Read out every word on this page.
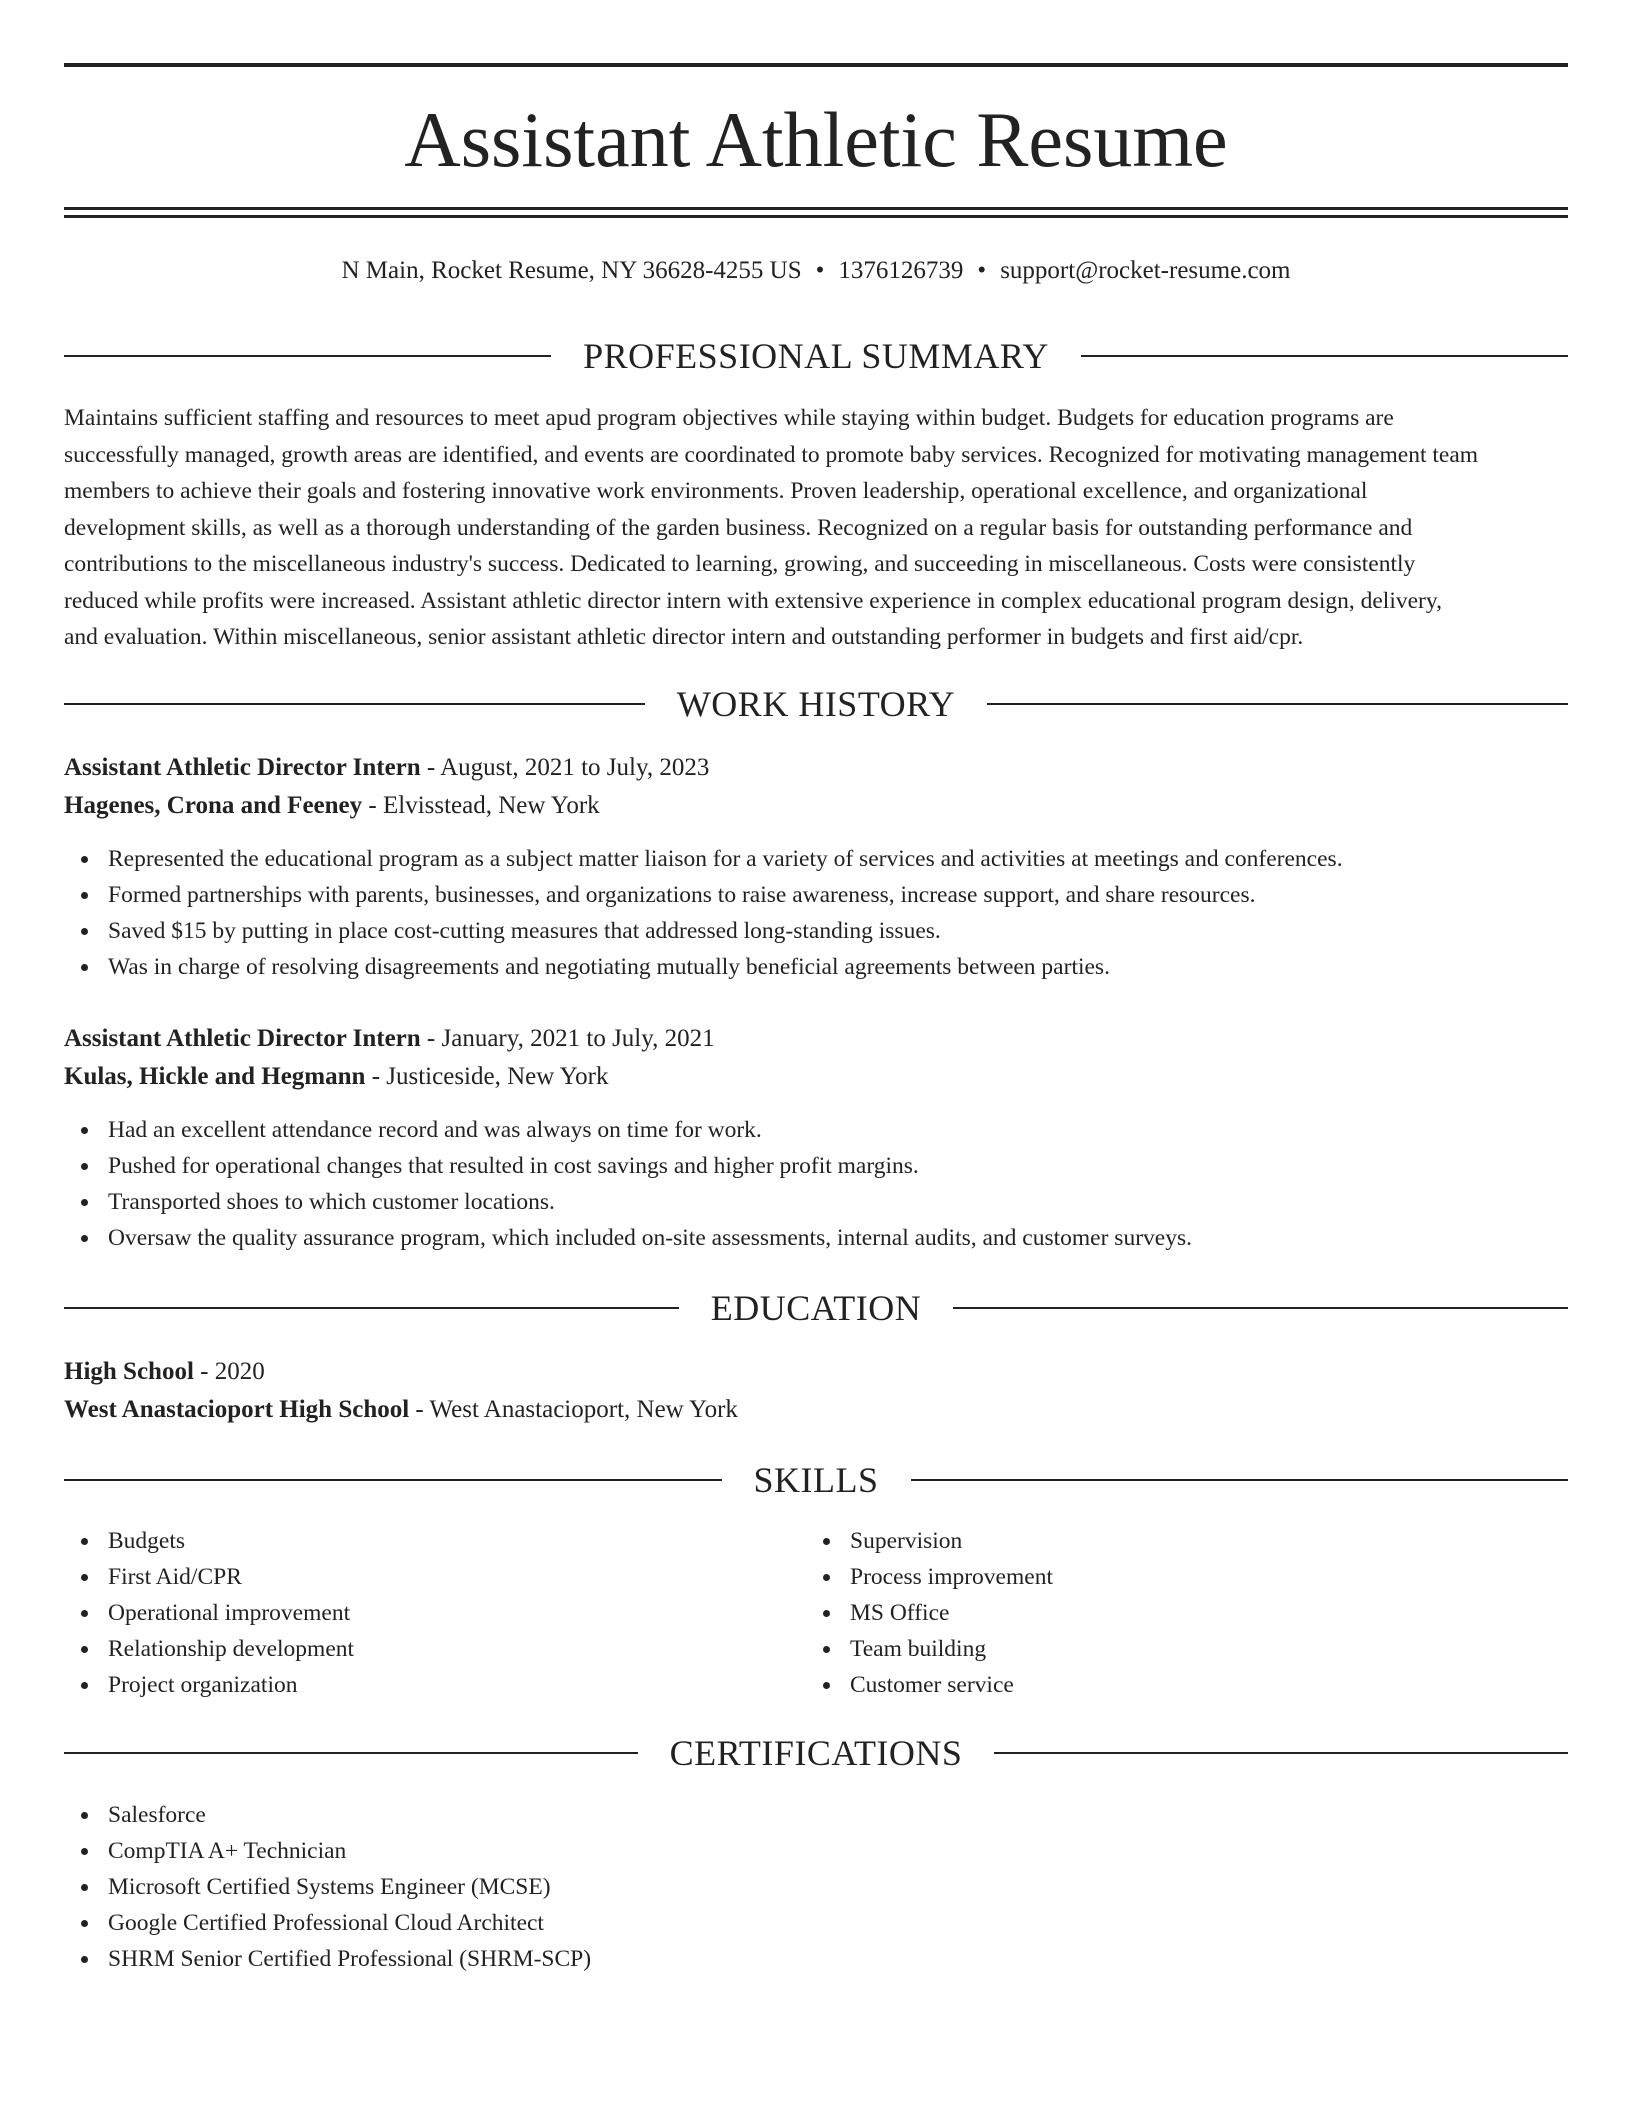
Assistant Athletic Resume
N Main, Rocket Resume, NY 36628-4255 US • 1376126739 • support@rocket-resume.com
PROFESSIONAL SUMMARY
Maintains sufficient staffing and resources to meet apud program objectives while staying within budget. Budgets for education programs are
successfully managed, growth areas are identified, and events are coordinated to promote baby services. Recognized for motivating management team
members to achieve their goals and fostering innovative work environments. Proven leadership, operational excellence, and organizational
development skills, as well as a thorough understanding of the garden business. Recognized on a regular basis for outstanding performance and
contributions to the miscellaneous industry's success. Dedicated to learning, growing, and succeeding in miscellaneous. Costs were consistently
reduced while profits were increased. Assistant athletic director intern with extensive experience in complex educational program design, delivery,
and evaluation. Within miscellaneous, senior assistant athletic director intern and outstanding performer in budgets and first aid/cpr.
WORK HISTORY
Assistant Athletic Director Intern - August, 2021 to July, 2023
Hagenes, Crona and Feeney - Elvisstead, New York
Represented the educational program as a subject matter liaison for a variety of services and activities at meetings and conferences.
Formed partnerships with parents, businesses, and organizations to raise awareness, increase support, and share resources.
Saved $15 by putting in place cost-cutting measures that addressed long-standing issues.
Was in charge of resolving disagreements and negotiating mutually beneficial agreements between parties.
Assistant Athletic Director Intern - January, 2021 to July, 2021
Kulas, Hickle and Hegmann - Justiceside, New York
Had an excellent attendance record and was always on time for work.
Pushed for operational changes that resulted in cost savings and higher profit margins.
Transported shoes to which customer locations.
Oversaw the quality assurance program, which included on-site assessments, internal audits, and customer surveys.
EDUCATION
High School - 2020
West Anastacioport High School - West Anastacioport, New York
SKILLS
Budgets
First Aid/CPR
Operational improvement
Relationship development
Project organization
Supervision
Process improvement
MS Office
Team building
Customer service
CERTIFICATIONS
Salesforce
CompTIA A+ Technician
Microsoft Certified Systems Engineer (MCSE)
Google Certified Professional Cloud Architect
SHRM Senior Certified Professional (SHRM-SCP)
